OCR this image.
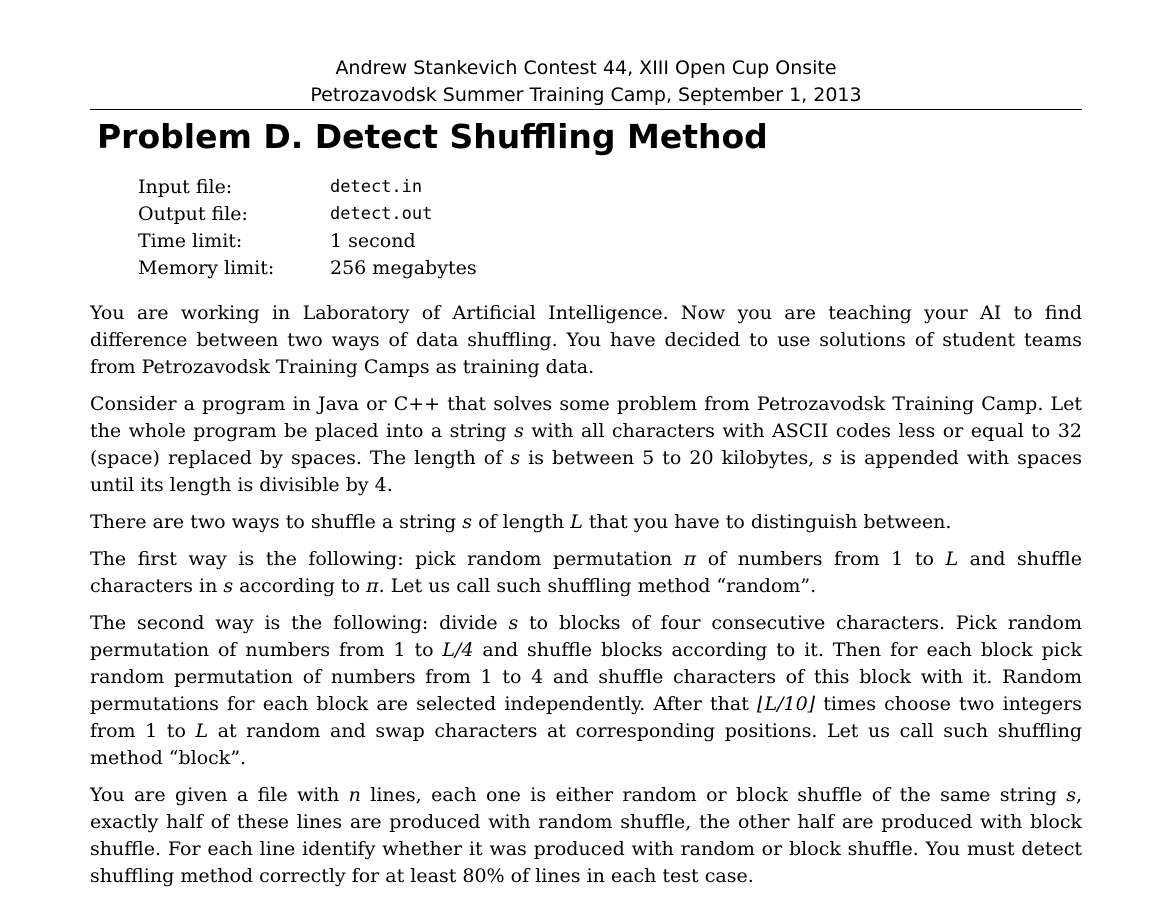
Andrew Stankevich Contest 44, XIII Open Cup Onsite
Petrozavodsk Summer Training Camp, September 1, 2013
Problem D. Detect Shuffling Method
Input file:	detect.in
Output file:	detect.out
Time limit:	1 second
Memory limit:	256 megabytes

You are working in Laboratory of Artificial Intelligence. Now you are teaching your AI to find difference between two ways of data shuffling. You have decided to use solutions of student teams from Petrozavodsk Training Camps as training data.

Consider a program in Java or C++ that solves some problem from Petrozavodsk Training Camp. Let the whole program be placed into a string s with all characters with ASCII codes less or equal to 32 (space) replaced by spaces. The length of s is between 5 to 20 kilobytes, s is appended with spaces until its length is divisible by 4.

There are two ways to shuffle a string s of length L that you have to distinguish between.

The first way is the following: pick random permutation π of numbers from 1 to L and shuffle characters in s according to π. Let us call such shuffling method “random”.

The second way is the following: divide s to blocks of four consecutive characters. Pick random permutation of numbers from 1 to L/4 and shuffle blocks according to it. Then for each block pick random permutation of numbers from 1 to 4 and shuffle characters of this block with it. Random permutations for each block are selected independently. After that ⌊L/10⌋ times choose two integers from 1 to L at random and swap characters at corresponding positions. Let us call such shuffling method “block”.

You are given a file with n lines, each one is either random or block shuffle of the same string s, exactly half of these lines are produced with random shuffle, the other half are produced with block shuffle. For each line identify whether it was produced with random or block shuffle. You must detect shuffling method correctly for at least 80% of lines in each test case.
